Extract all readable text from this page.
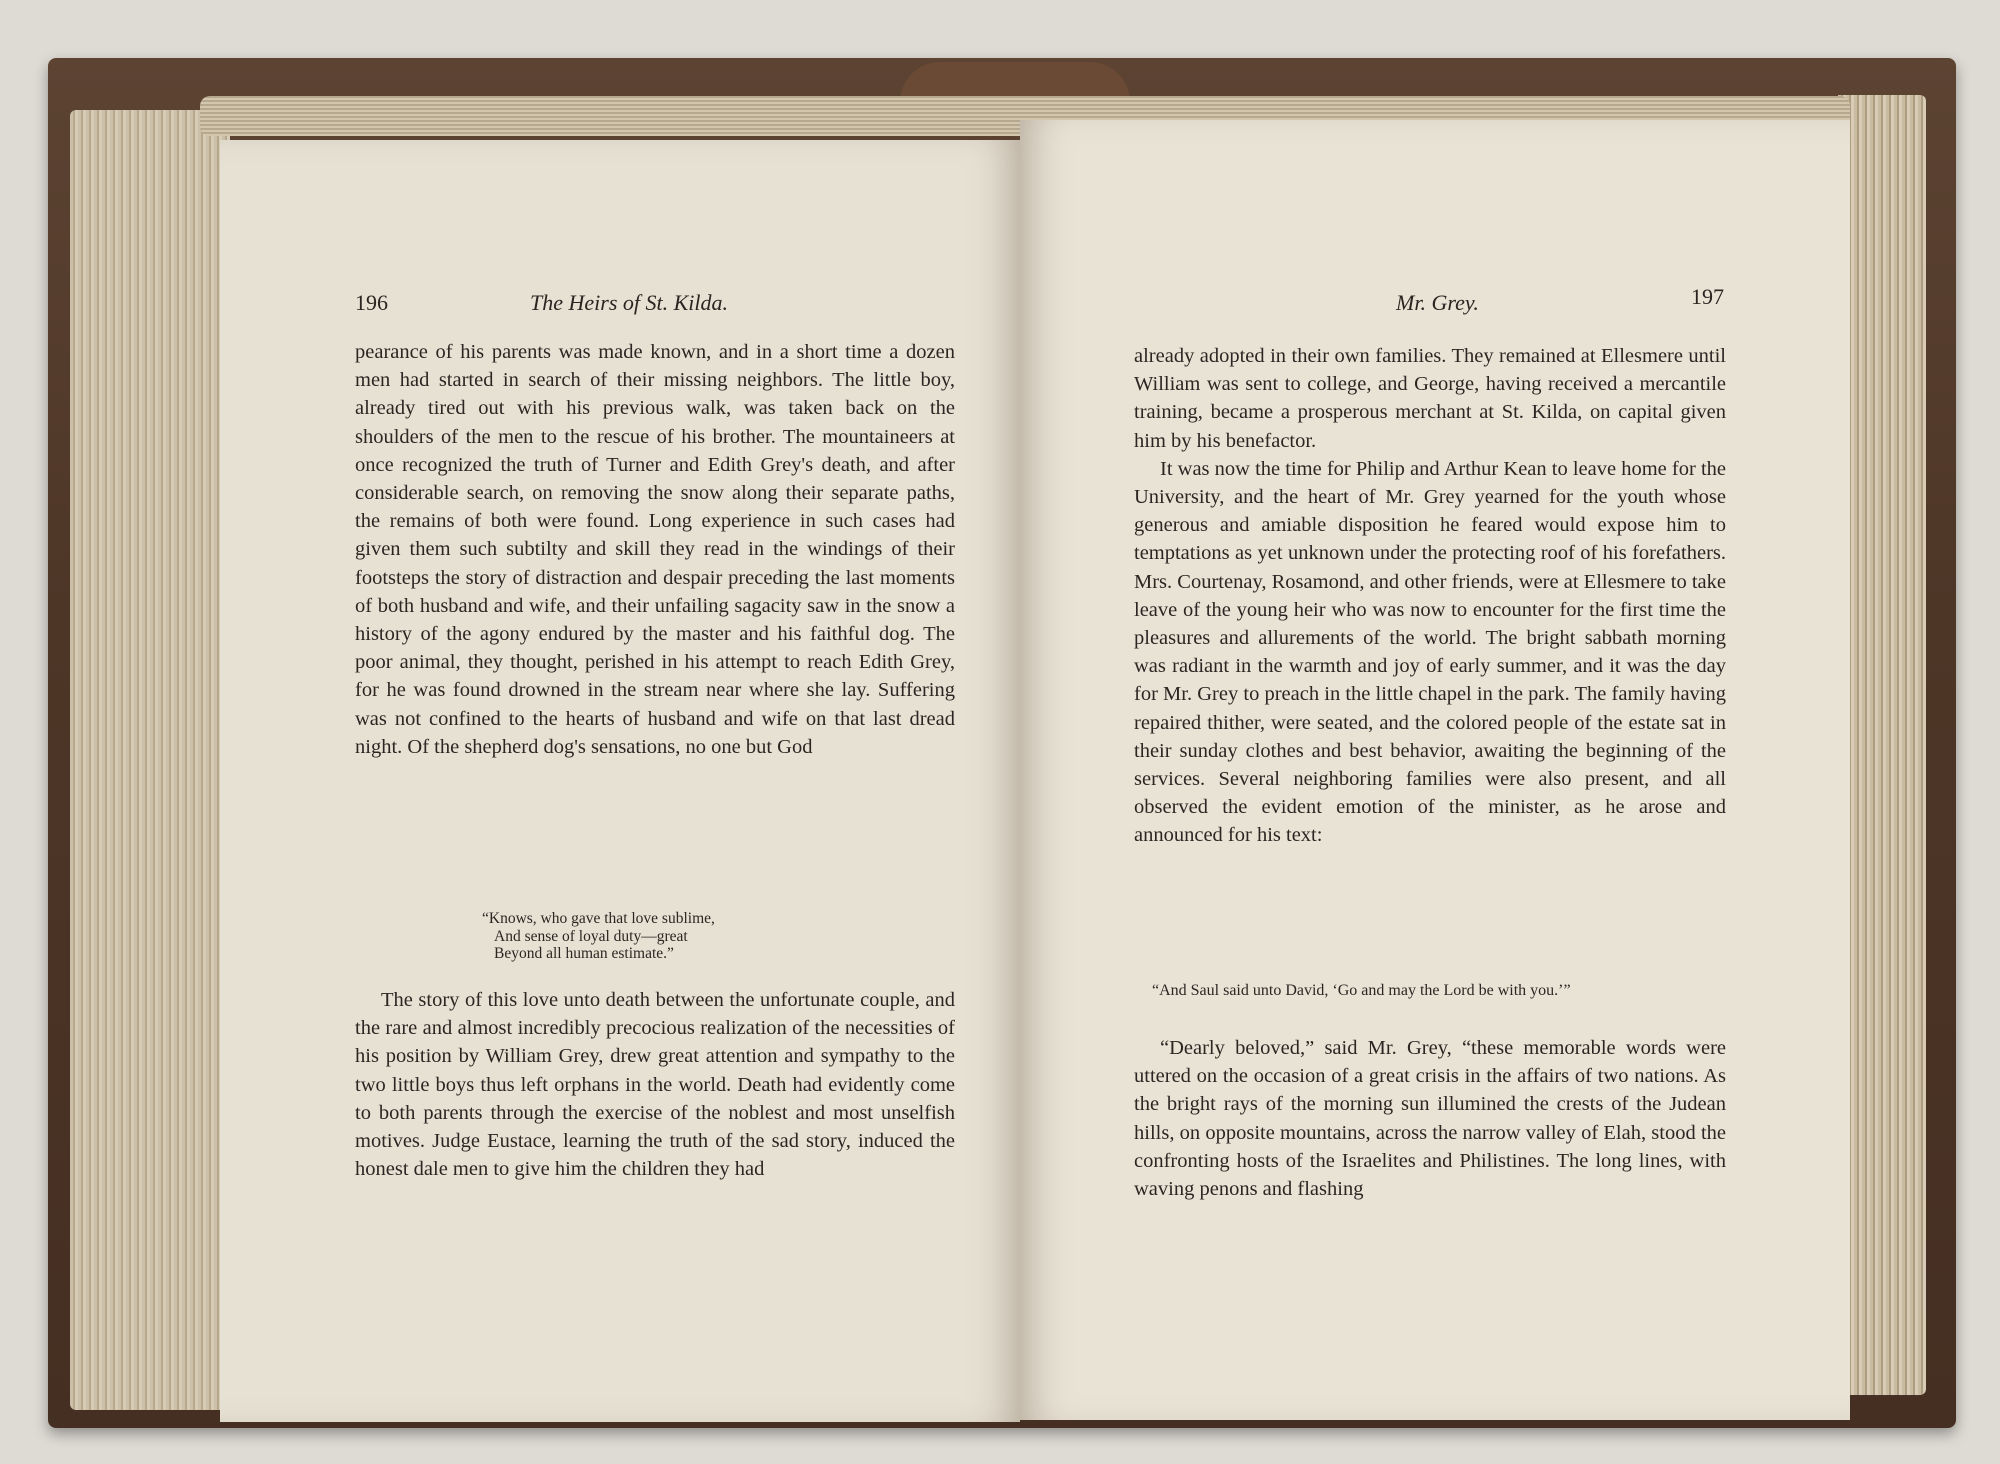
196	The Heirs of St. Kilda.

pearance of his parents was made known, and in a short time a dozen men had started in search of their missing neighbors. The little boy, already tired out with his previous walk, was taken back on the shoulders of the men to the rescue of his brother. The mountaineers at once recognized the truth of Turner and Edith Grey's death, and after considerable search, on removing the snow along their separate paths, the remains of both were found. Long experience in such cases had given them such subtilty and skill they read in the windings of their footsteps the story of distraction and despair preceding the last moments of both husband and wife, and their unfailing sagacity saw in the snow a history of the agony endured by the master and his faithful dog. The poor animal, they thought, perished in his attempt to reach Edith Grey, for he was found drowned in the stream near where she lay. Suffering was not confined to the hearts of husband and wife on that last dread night. Of the shepherd dog's sensations, no one but God

“Knows, who gave that love sublime,
And sense of loyal duty—great
Beyond all human estimate.”

The story of this love unto death between the unfortunate couple, and the rare and almost incredibly precocious realization of the necessities of his position by William Grey, drew great attention and sympathy to the two little boys thus left orphans in the world. Death had evidently come to both parents through the exercise of the noblest and most unselfish motives. Judge Eustace, learning the truth of the sad story, induced the honest dale men to give him the children they had

Mr. Grey.	197

already adopted in their own families. They remained at Ellesmere until William was sent to college, and George, having received a mercantile training, became a prosperous merchant at St. Kilda, on capital given him by his benefactor.

It was now the time for Philip and Arthur Kean to leave home for the University, and the heart of Mr. Grey yearned for the youth whose generous and amiable disposition he feared would expose him to temptations as yet unknown under the protecting roof of his forefathers. Mrs. Courtenay, Rosamond, and other friends, were at Ellesmere to take leave of the young heir who was now to encounter for the first time the pleasures and allurements of the world. The bright sabbath morning was radiant in the warmth and joy of early summer, and it was the day for Mr. Grey to preach in the little chapel in the park. The family having repaired thither, were seated, and the colored people of the estate sat in their sunday clothes and best behavior, awaiting the beginning of the services. Several neighboring families were also present, and all observed the evident emotion of the minister, as he arose and announced for his text:

“And Saul said unto David, ‘Go and may the Lord be with you.’”

“Dearly beloved,” said Mr. Grey, “these memorable words were uttered on the occasion of a great crisis in the affairs of two nations. As the bright rays of the morning sun illumined the crests of the Judean hills, on opposite mountains, across the narrow valley of Elah, stood the confronting hosts of the Israelites and Philistines. The long lines, with waving penons and flashing
